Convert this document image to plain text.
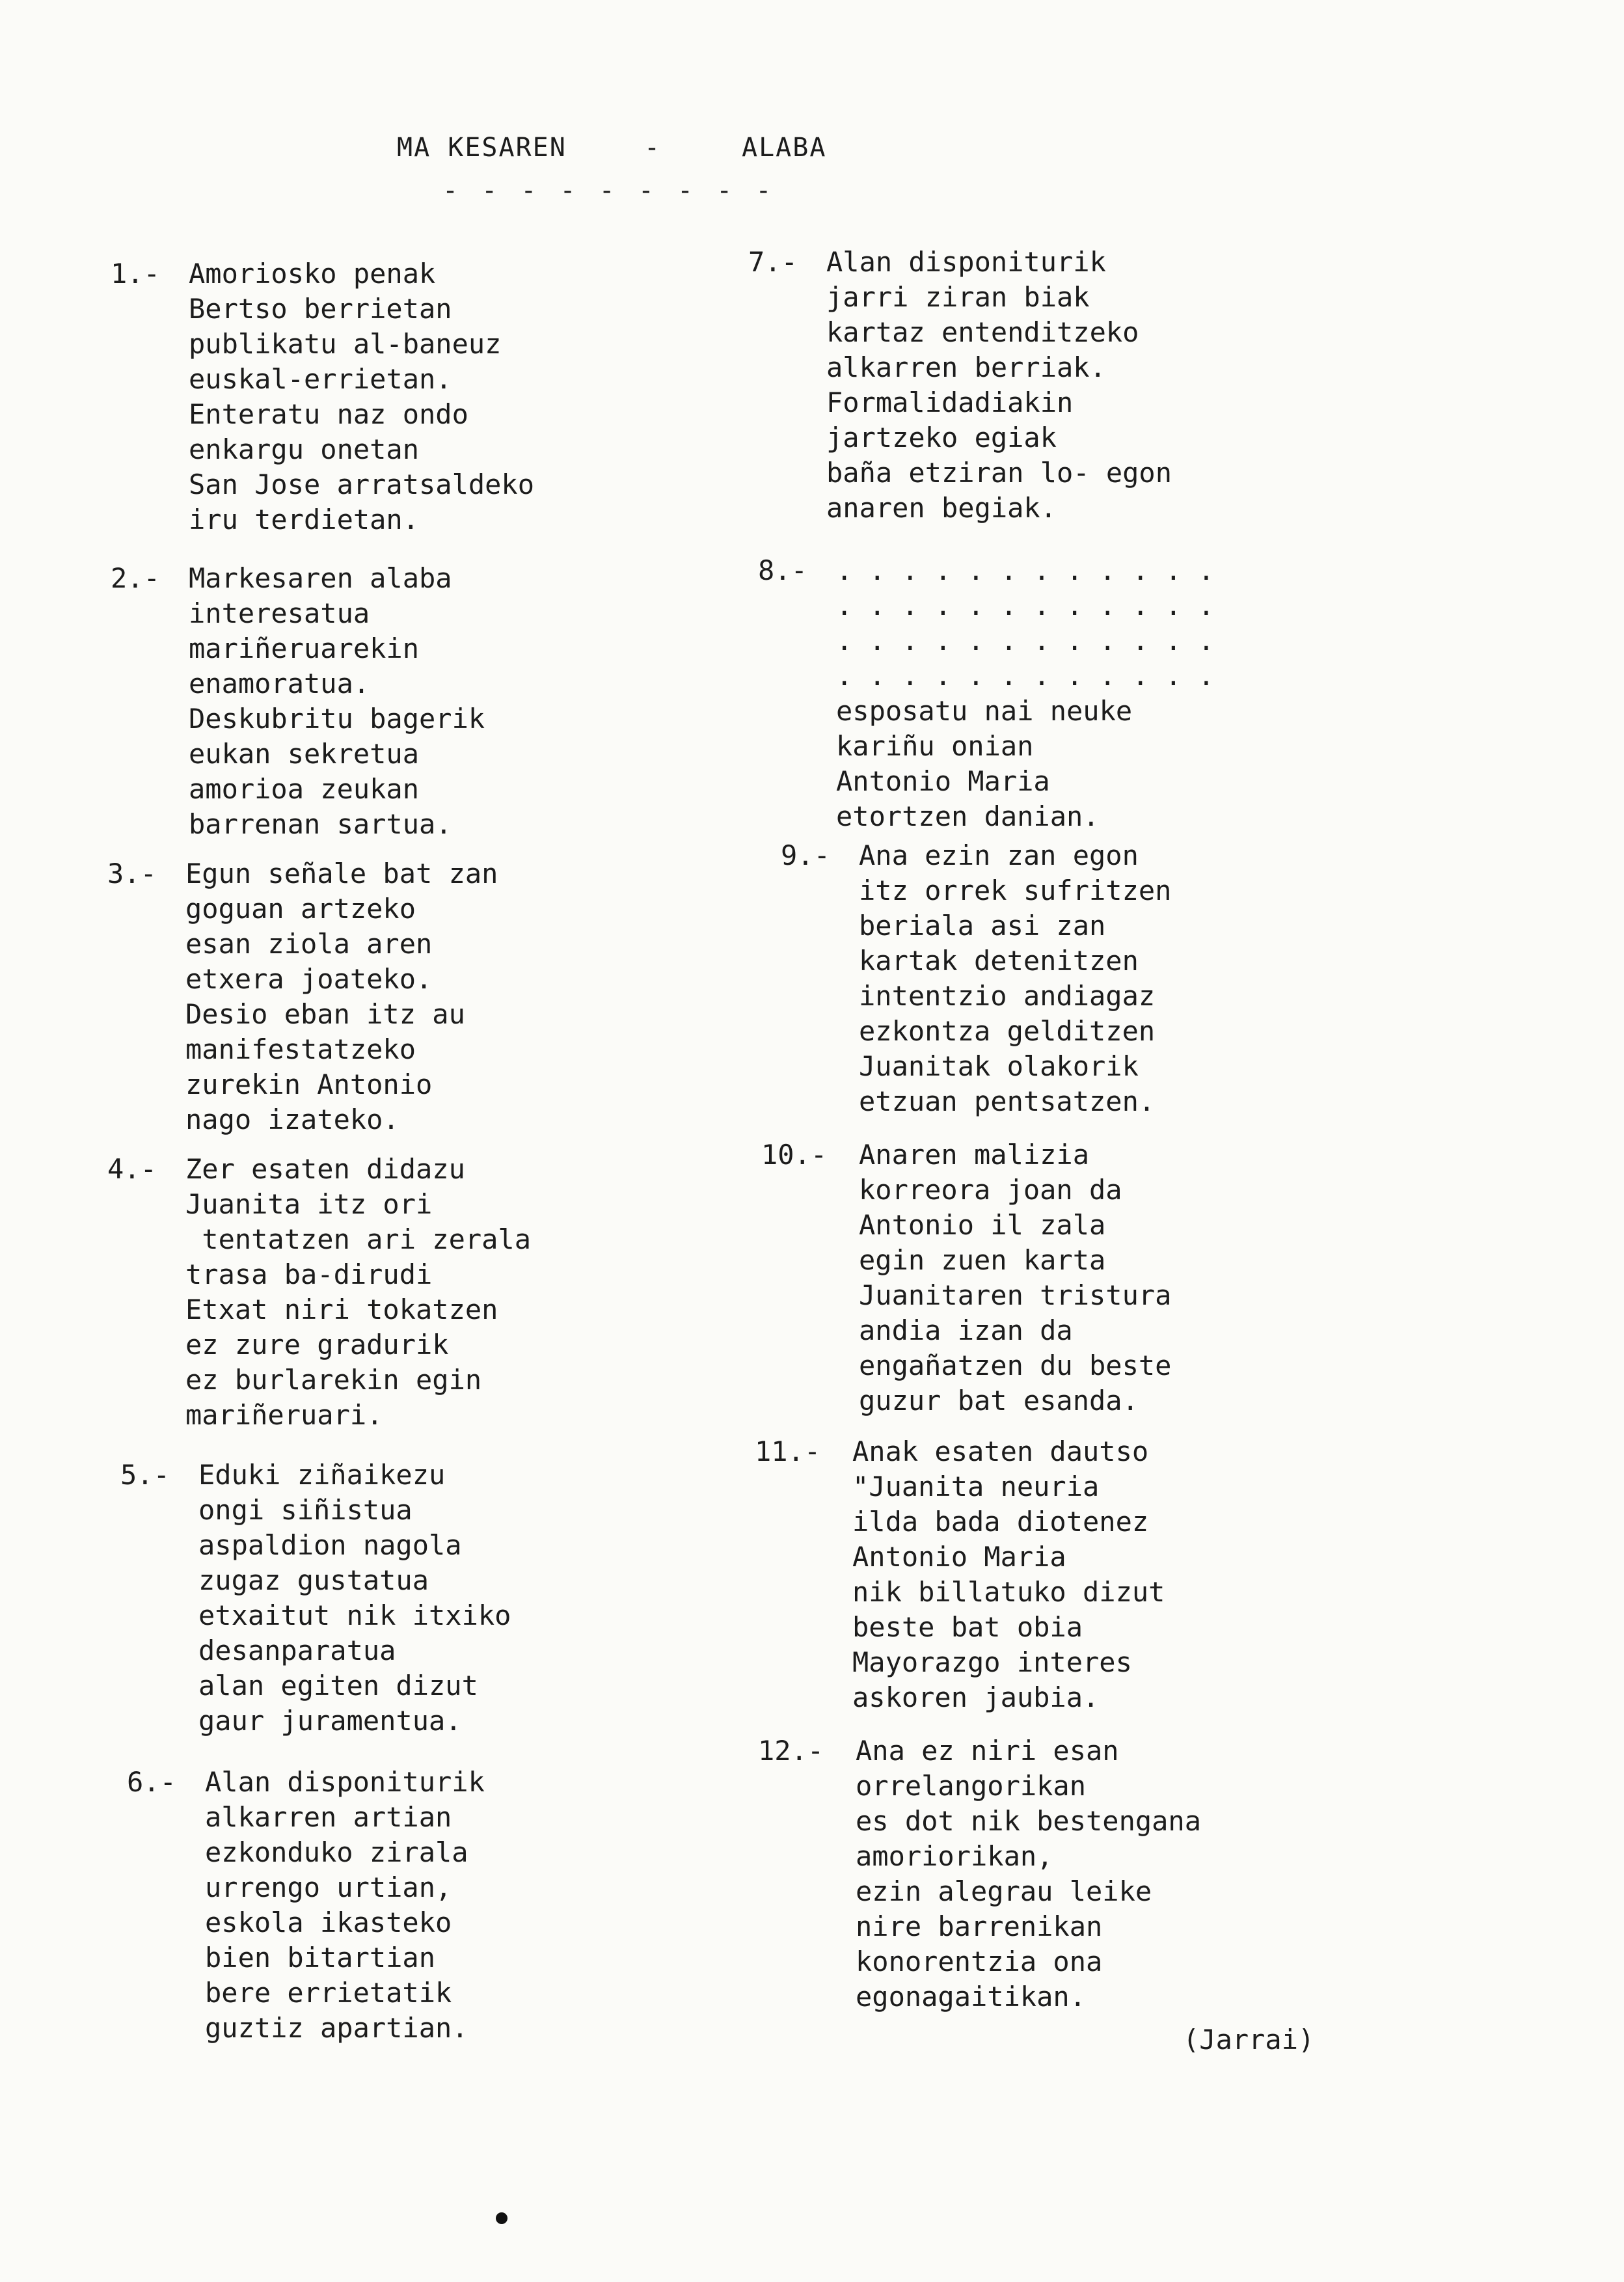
MA KESAREN	-	ALABA
- - - - - - - - -
1.- Amoriosko penak
Bertso berrietan
publikatu al-baneuz
euskal-errietan.
Enteratu naz ondo
enkargu onetan
San Jose arratsaldeko
iru terdietan.
2.- Markesaren alaba
interesatua
mariñeruarekin
enamoratua.
Deskubritu bagerik
eukan sekretua
amorioa zeukan
barrenan sartua.
3.- Egun señale bat zan
goguan artzeko
esan ziola aren
etxera joateko.
Desio eban itz au
manifestatzeko
zurekin Antonio
nago izateko.
4.- Zer esaten didazu
Juanita itz ori
tentatzen ari zerala
trasa ba-dirudi
Etxat niri tokatzen
ez zure gradurik
ez burlarekin egin
mariñeruari.
5.- Eduki ziñaikezu
ongi siñistua
aspaldion nagola
zugaz gustatua
etxaitut nik itxiko
desanparatua
alan egiten dizut
gaur juramentua.
6.- Alan disponiturik
alkarren artian
ezkonduko zirala
urrengo urtian,
eskola ikasteko
bien bitartian
bere errietatik
guztiz apartian.
7.- Alan disponiturik
jarri ziran biak
kartaz entenditzeko
alkarren berriak.
Formalidadiakin
jartzeko egiak
baña etziran lo- egon
anaren begiak.
8.- . . . . . . . . . . . .
. . . . . . . . . . . .
. . . . . . . . . . . .
. . . . . . . . . . . .
esposatu nai neuke
kariñu onian
Antonio Maria
etortzen danian.
9.- Ana ezin zan egon
itz orrek sufritzen
berialа asi zan
kartak detenitzen
intentzio andiagaz
ezkontza gelditzen
Juanitak olakorik
etzuan pentsatzen.
10.- Anaren malizia
korreora joan da
Antonio il zala
egin zuen karta
Juanitaren tristura
andia izan da
engañatzen du beste
guzur bat esanda.
11.- Anak esaten dautso
"Juanita neuria
ilda bada diotenez
Antonio Maria
nik billatuko dizut
beste bat obia
Mayorazgo interes
askoren jaubia.
12.- Ana ez niri esan
orrelangorikan
es dot nik bestengana
amoriorikan,
ezin alegrau leike
nire barrenikan
konorentzia ona
egonagaitikan.
(Jarrai)
